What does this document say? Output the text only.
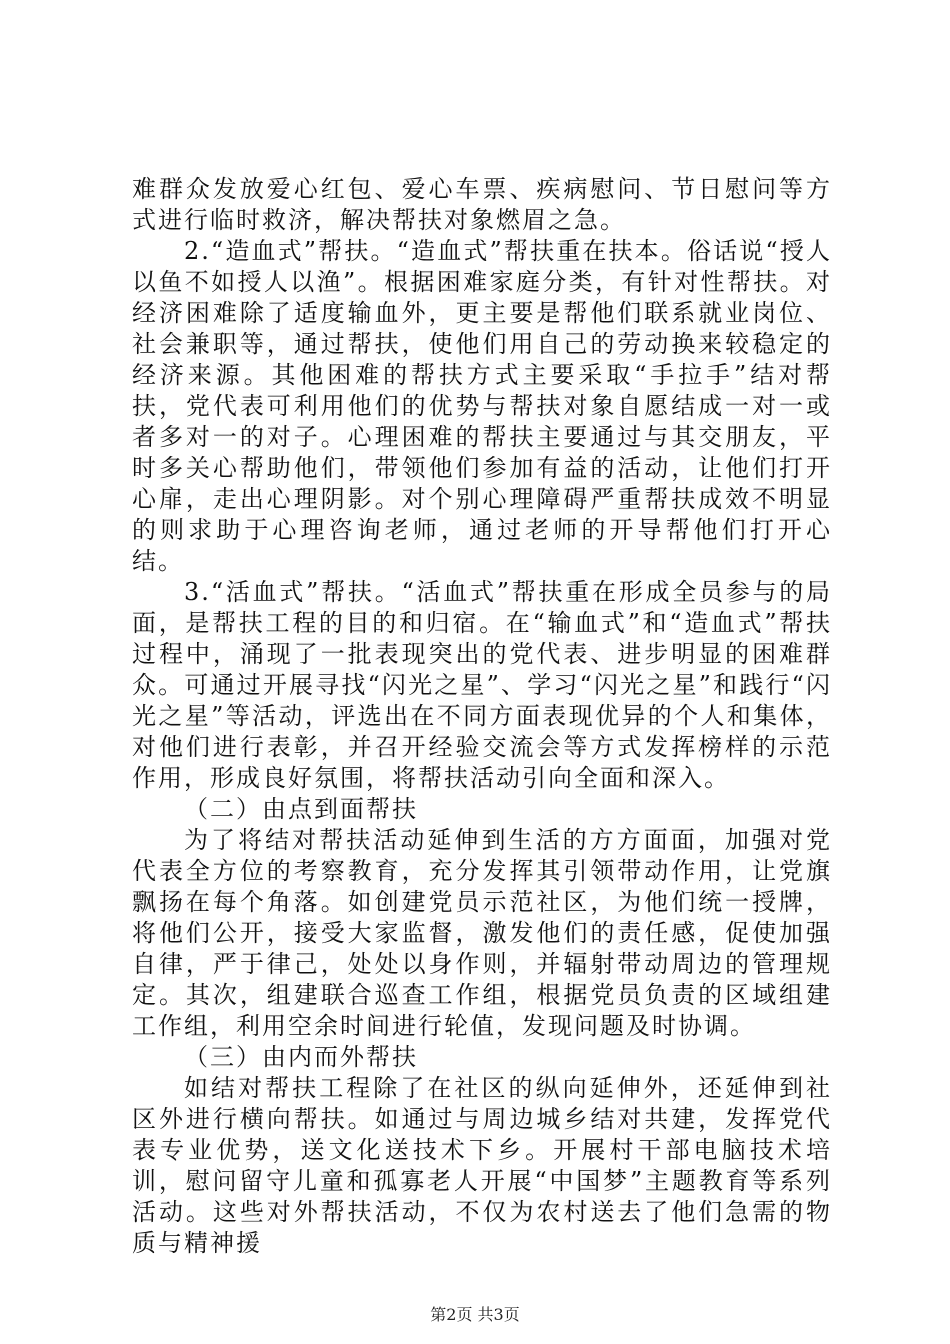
难群众发放爱心红包、爱心车票、疾病慰问、节日慰问等方式进行临时救济，解决帮扶对象燃眉之急。

2.“造血式”帮扶。“造血式”帮扶重在扶本。俗话说“授人以鱼不如授人以渔”。根据困难家庭分类，有针对性帮扶。对经济困难除了适度输血外，更主要是帮他们联系就业岗位、社会兼职等，通过帮扶，使他们用自己的劳动换来较稳定的经济来源。其他困难的帮扶方式主要采取“手拉手”结对帮扶，党代表可利用他们的优势与帮扶对象自愿结成一对一或者多对一的对子。心理困难的帮扶主要通过与其交朋友，平时多关心帮助他们，带领他们参加有益的活动，让他们打开心扉，走出心理阴影。对个别心理障碍严重帮扶成效不明显的则求助于心理咨询老师，通过老师的开导帮他们打开心结。

3.“活血式”帮扶。“活血式”帮扶重在形成全员参与的局面，是帮扶工程的目的和归宿。在“输血式”和“造血式”帮扶过程中，涌现了一批表现突出的党代表、进步明显的困难群众。可通过开展寻找“闪光之星”、学习“闪光之星”和践行“闪光之星”等活动，评选出在不同方面表现优异的个人和集体，对他们进行表彰，并召开经验交流会等方式发挥榜样的示范作用，形成良好氛围，将帮扶活动引向全面和深入。

（二）由点到面帮扶

为了将结对帮扶活动延伸到生活的方方面面，加强对党代表全方位的考察教育，充分发挥其引领带动作用，让党旗飘扬在每个角落。如创建党员示范社区，为他们统一授牌，将他们公开，接受大家监督，激发他们的责任感，促使加强自律，严于律己，处处以身作则，并辐射带动周边的管理规定。其次，组建联合巡查工作组，根据党员负责的区域组建工作组，利用空余时间进行轮值，发现问题及时协调。

（三）由内而外帮扶

如结对帮扶工程除了在社区的纵向延伸外，还延伸到社区外进行横向帮扶。如通过与周边城乡结对共建，发挥党代表专业优势，送文化送技术下乡。开展村干部电脑技术培训，慰问留守儿童和孤寡老人开展“中国梦”主题教育等系列活动。这些对外帮扶活动，不仅为农村送去了他们急需的物质与精神援

第2页 共3页
